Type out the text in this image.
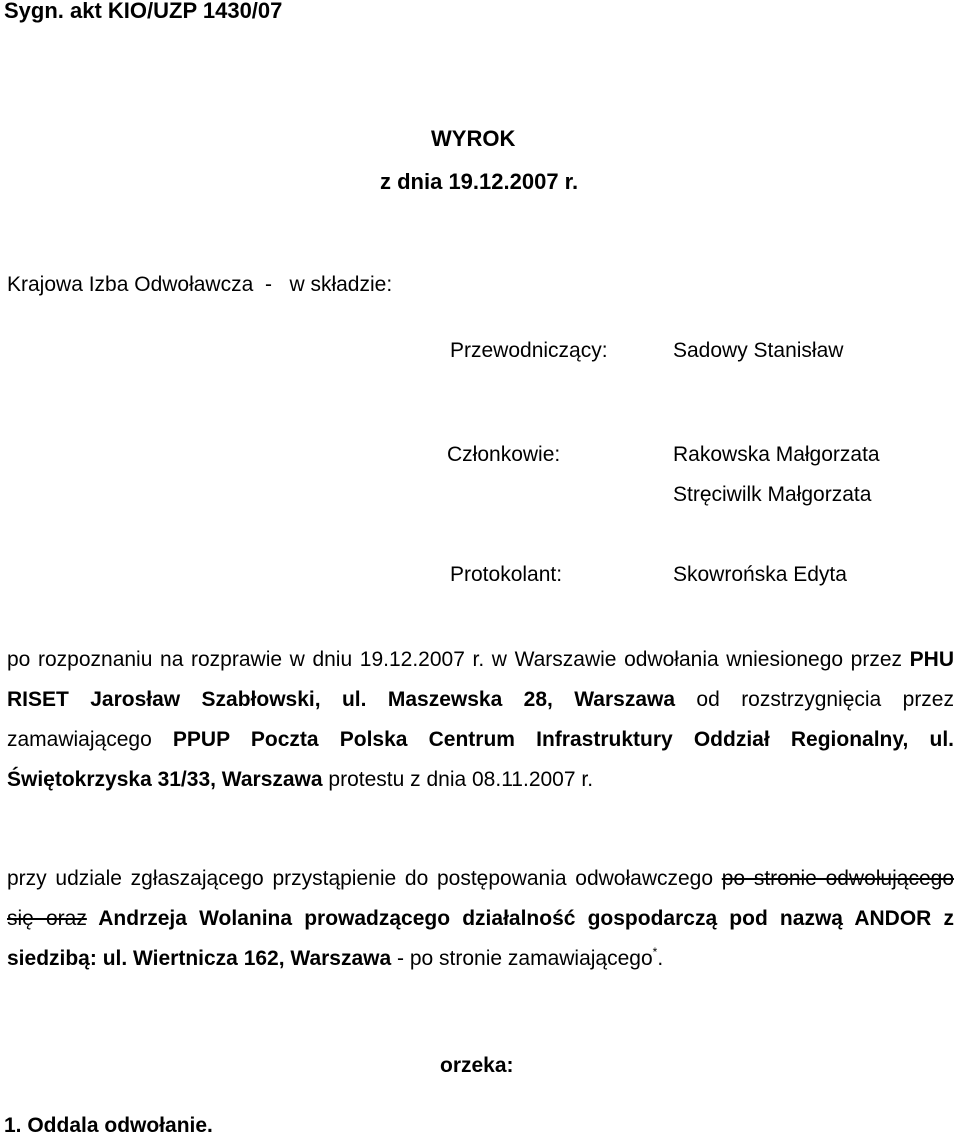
Sygn. akt KIO/UZP 1430/07
WYROK
z dnia 19.12.2007 r.
Krajowa Izba Odwoławcza  -   w składzie:
Przewodniczący:	Sadowy Stanisław
Członkowie:	Rakowska Małgorzata
Stręciwilk Małgorzata
Protokolant:	Skowrońska Edyta
po rozpoznaniu na rozprawie w dniu 19.12.2007 r. w Warszawie odwołania wniesionego przez PHU RISET Jarosław Szabłowski, ul. Maszewska 28, Warszawa od rozstrzygnięcia przez zamawiającego PPUP Poczta Polska Centrum Infrastruktury Oddział Regionalny, ul. Świętokrzyska 31/33, Warszawa protestu z dnia 08.11.2007 r.
przy udziale zgłaszającego przystąpienie do postępowania odwoławczego po stronie odwołującego się oraz Andrzeja Wolanina prowadzącego działalność gospodarczą pod nazwą ANDOR z siedzibą: ul. Wiertnicza 162, Warszawa - po stronie zamawiającego*.
orzeka:
1. Oddala odwołanie.
